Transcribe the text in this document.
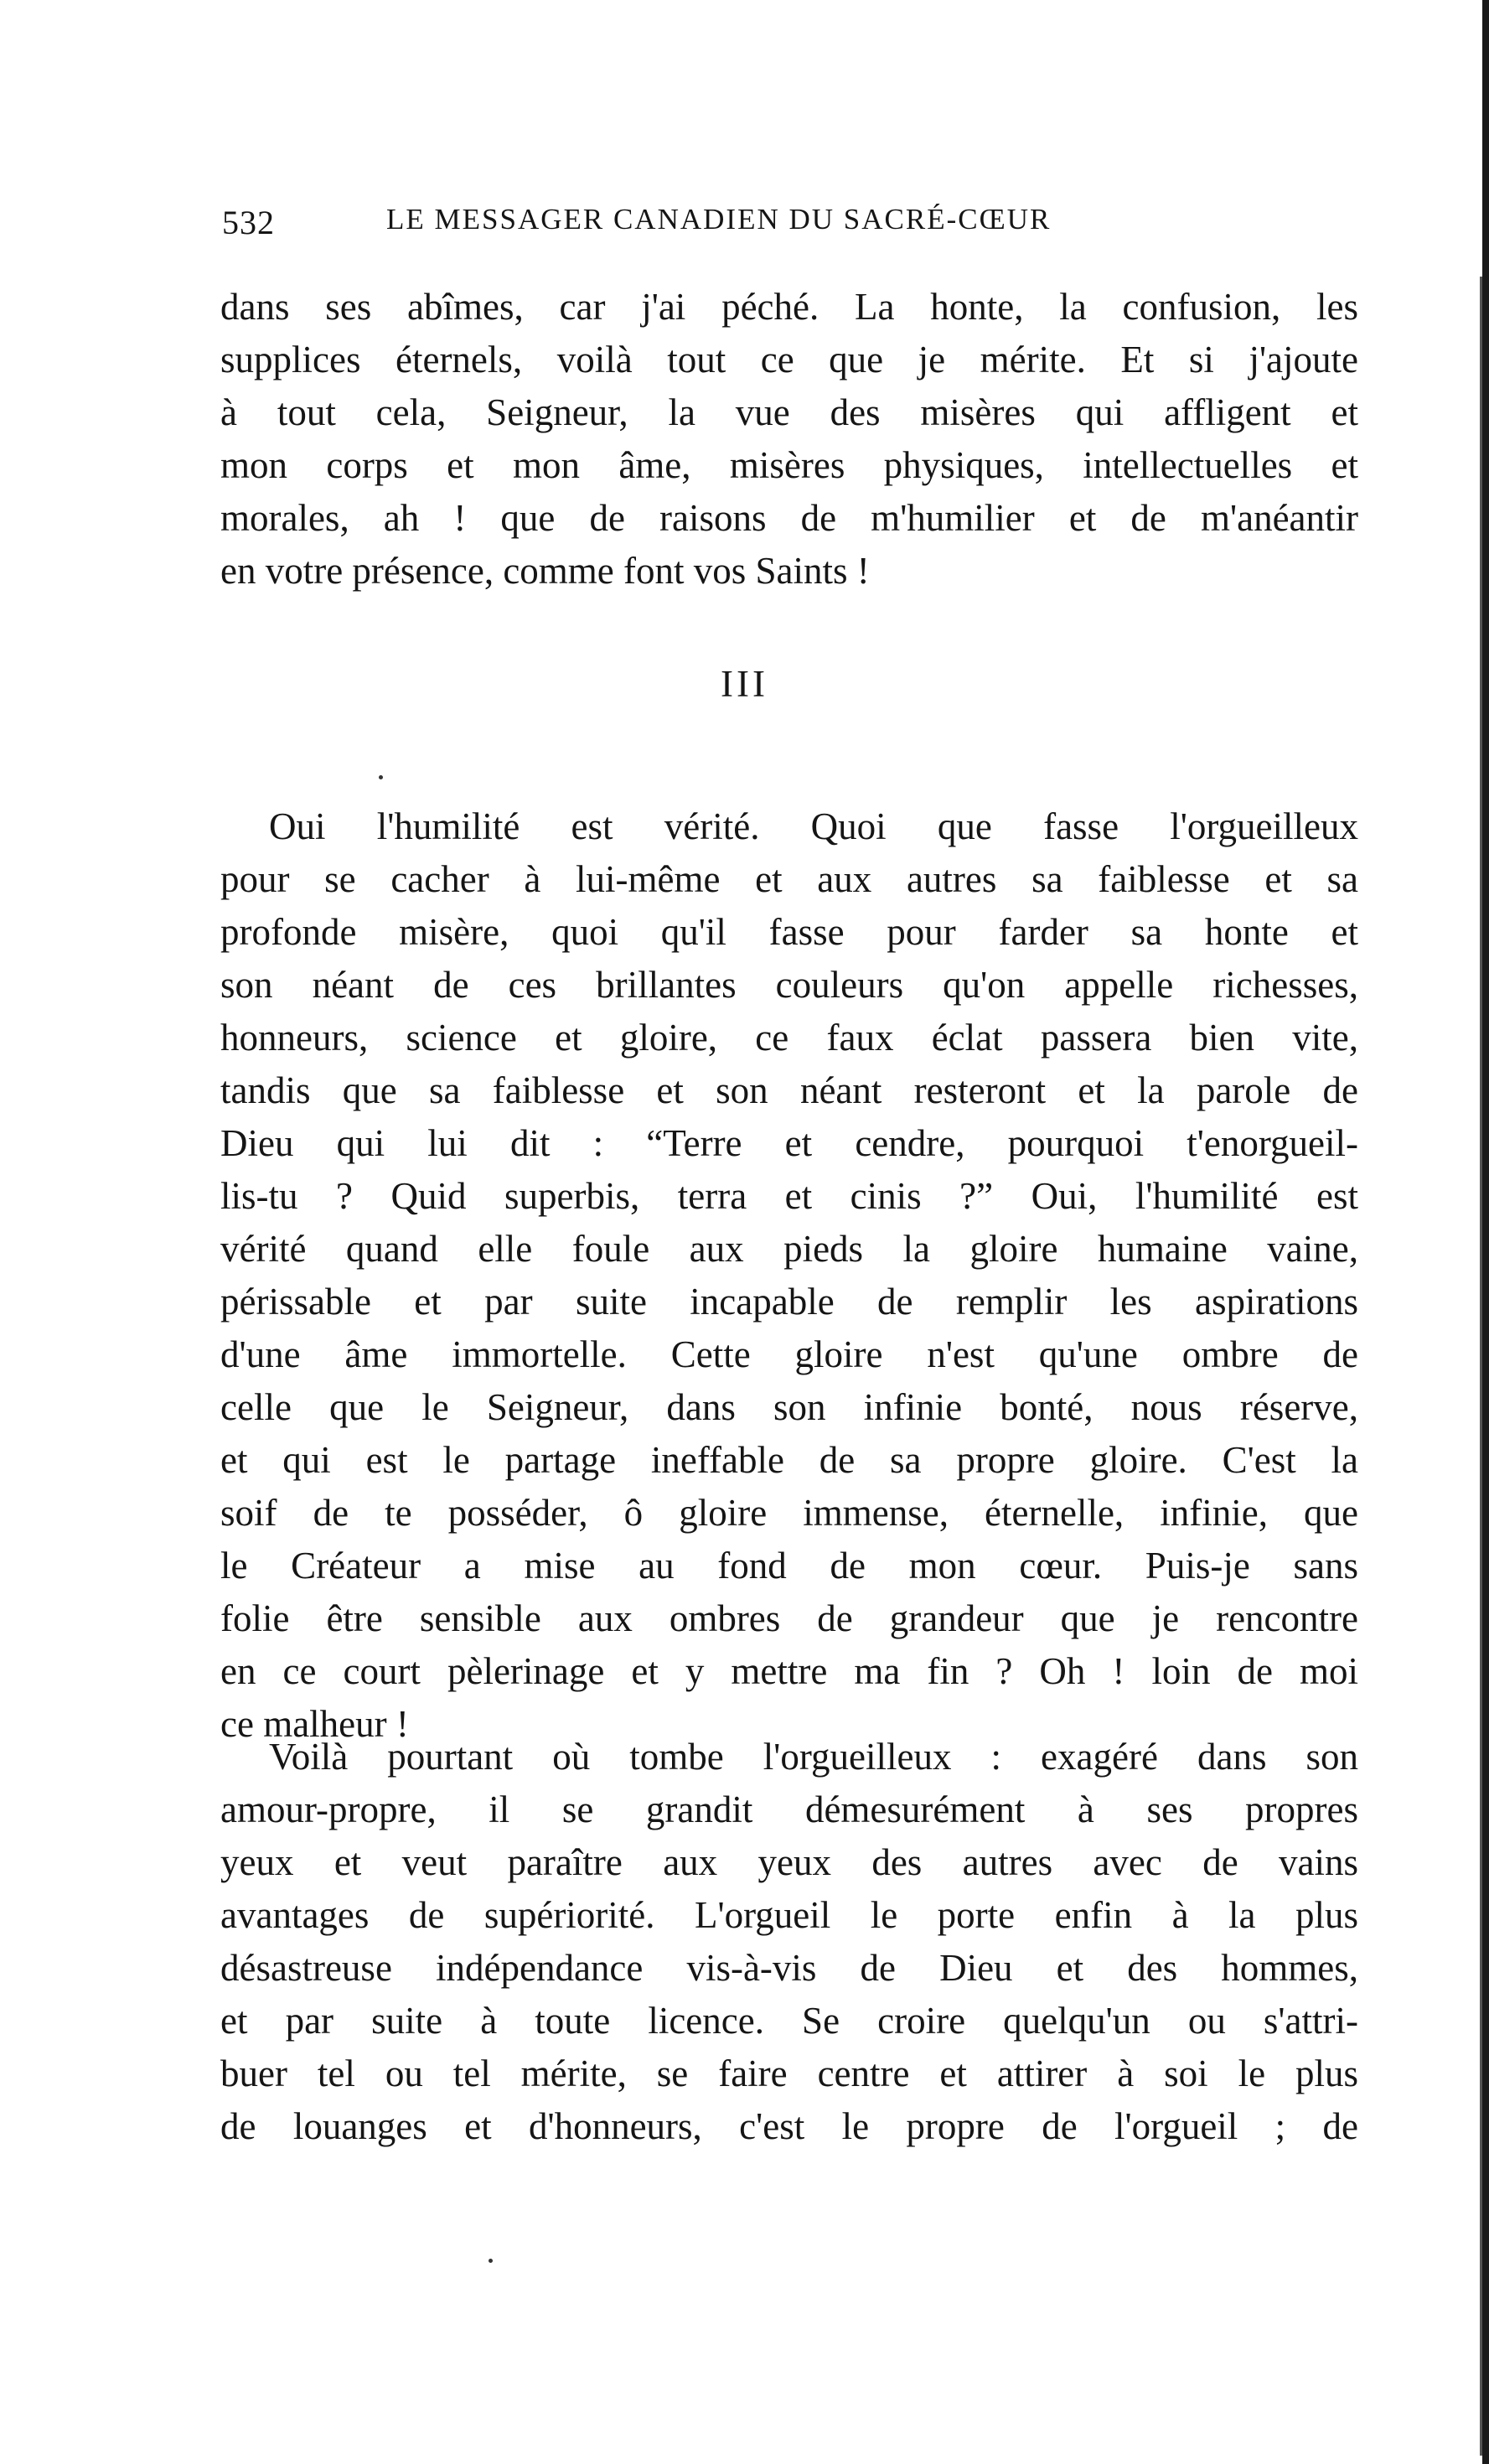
532	LE MESSAGER CANADIEN DU SACRÉ-CŒUR
dans ses abîmes, car j'ai péché. La honte, la confusion, les
supplices éternels, voilà tout ce que je mérite. Et si j'ajoute
à tout cela, Seigneur, la vue des misères qui affligent et
mon corps et mon âme, misères physiques, intellectuelles et
morales, ah ! que de raisons de m'humilier et de m'anéantir
en votre présence, comme font vos Saints !
III
Oui l'humilité est vérité. Quoi que fasse l'orgueilleux
pour se cacher à lui-même et aux autres sa faiblesse et sa
profonde misère, quoi qu'il fasse pour farder sa honte et
son néant de ces brillantes couleurs qu'on appelle richesses,
honneurs, science et gloire, ce faux éclat passera bien vite,
tandis que sa faiblesse et son néant resteront et la parole de
Dieu qui lui dit : “Terre et cendre, pourquoi t'enorgueil-
lis-tu ? Quid superbis, terra et cinis ?” Oui, l'humilité est
vérité quand elle foule aux pieds la gloire humaine vaine,
périssable et par suite incapable de remplir les aspirations
d'une âme immortelle. Cette gloire n'est qu'une ombre de
celle que le Seigneur, dans son infinie bonté, nous réserve,
et qui est le partage ineffable de sa propre gloire. C'est la
soif de te posséder, ô gloire immense, éternelle, infinie, que
le Créateur a mise au fond de mon cœur. Puis-je sans
folie être sensible aux ombres de grandeur que je rencontre
en ce court pèlerinage et y mettre ma fin ? Oh ! loin de moi
ce malheur !
Voilà pourtant où tombe l'orgueilleux : exagéré dans son
amour-propre, il se grandit démesurément à ses propres
yeux et veut paraître aux yeux des autres avec de vains
avantages de supériorité. L'orgueil le porte enfin à la plus
désastreuse indépendance vis-à-vis de Dieu et des hommes,
et par suite à toute licence. Se croire quelqu'un ou s'attri-
buer tel ou tel mérite, se faire centre et attirer à soi le plus
de louanges et d'honneurs, c'est le propre de l'orgueil ; de
